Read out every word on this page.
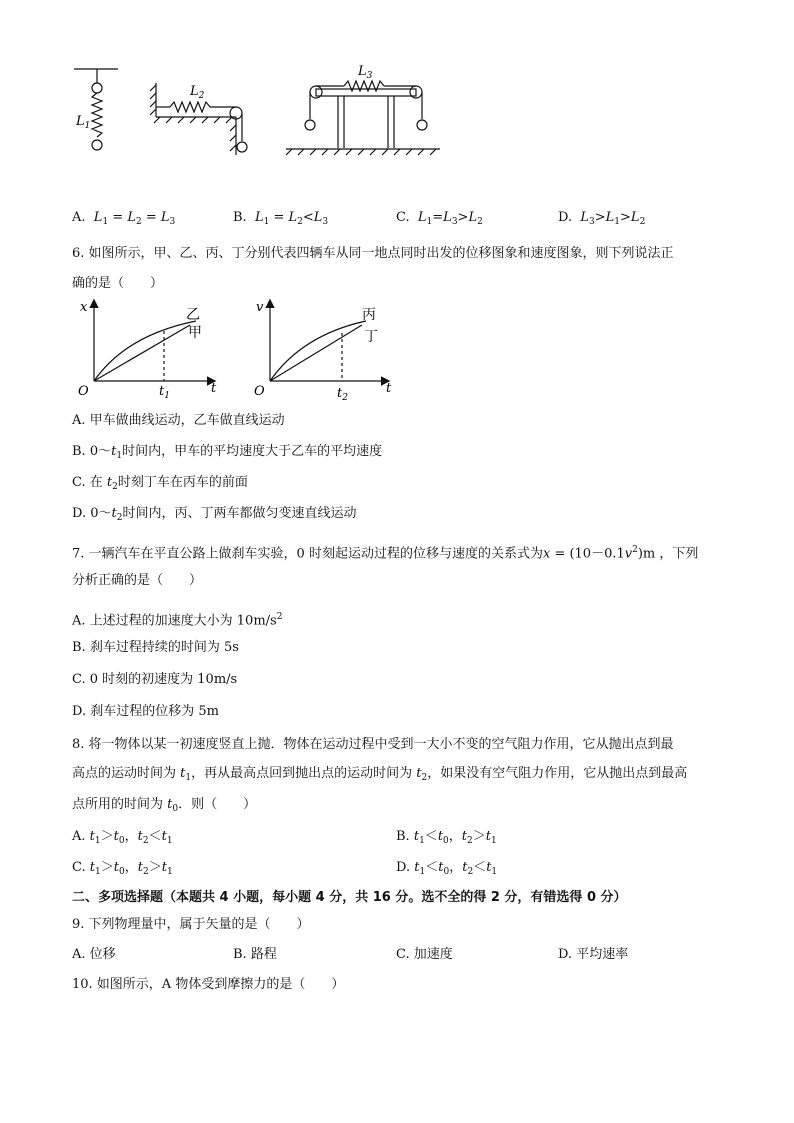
$L_1$
$L_2$
$L_3$
A. $L_1 = L_2 = L_3$	B. $L_1 = L_2<L_3$	C. $L_1=L_3>L_2$	D. $L_3>L_1>L_2$
6. 如图所示，甲、乙、丙、丁分别代表四辆车从同一地点同时出发的位移图象和速度图象，则下列说法正
确的是（　　）
x
t
O	$t_1$
乙
甲
v
t
O	$t_2$
丙
丁
A. 甲车做曲线运动，乙车做直线运动
B. $0\sim t_1$时间内，甲车的平均速度大于乙车的平均速度
C. 在 $t_2$时刻丁车在丙车的前面
D. $0\sim t_2$时间内，丙、丁两车都做匀变速直线运动
7. 一辆汽车在平直公路上做刹车实验，0 时刻起运动过程的位移与速度的关系式为$x = (10-0.1v^2)m$ ，下列
分析正确的是（　　）
A. 上述过程的加速度大小为 $10m/s^2$
B. 刹车过程持续的时间为 5s
C. 0 时刻的初速度为 10m/s
D. 刹车过程的位移为 5m
8. 将一物体以某一初速度竖直上抛．物体在运动过程中受到一大小不变的空气阻力作用，它从抛出点到最
高点的运动时间为 $t_1$，再从最高点回到抛出点的运动时间为 $t_2$，如果没有空气阻力作用，它从抛出点到最高
点所用的时间为 $t_0$．则（　　）
A. $t_1>t_0$，$t_2<t_1$	B. $t_1<t_0$，$t_2>t_1$
C. $t_1>t_0$，$t_2>t_1$	D. $t_1<t_0$，$t_2<t_1$
二、多项选择题（本题共 4 小题，每小题 4 分，共 16 分。选不全的得 2 分，有错选得 0 分）
9. 下列物理量中，属于矢量的是（　　）
A. 位移	B. 路程	C. 加速度	D. 平均速率
10. 如图所示，A 物体受到摩擦力的是（　　）
